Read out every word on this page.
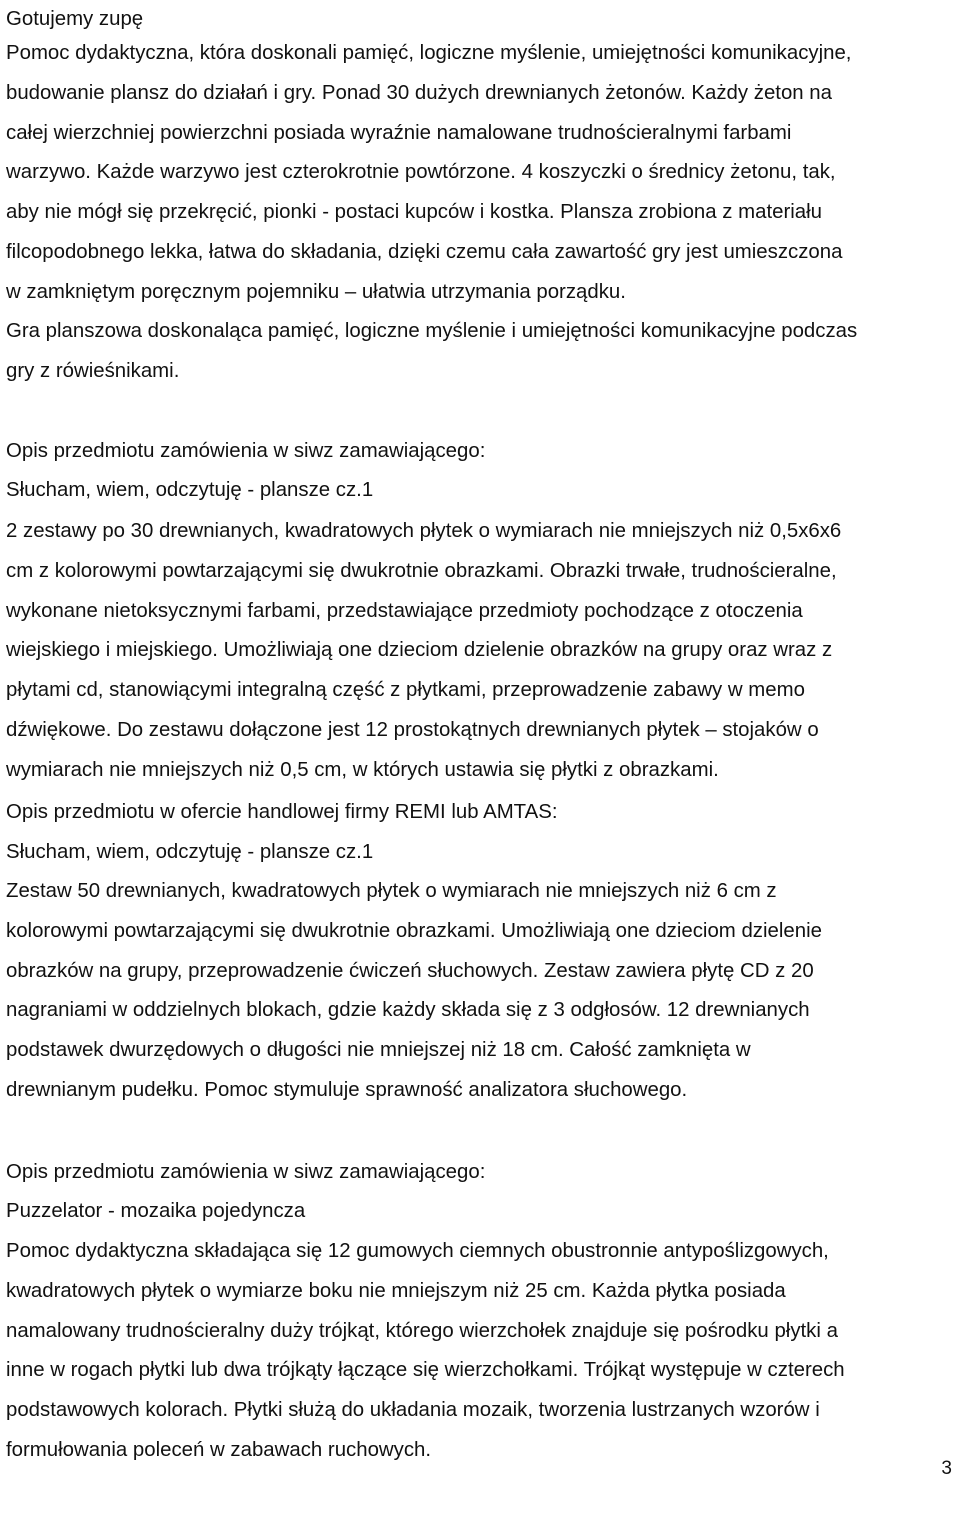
Gotujemy zupę
Pomoc dydaktyczna, która doskonali pamięć, logiczne myślenie, umiejętności komunikacyjne,
budowanie plansz do działań i gry. Ponad 30 dużych drewnianych żetonów. Każdy żeton na
całej wierzchniej powierzchni posiada wyraźnie namalowane trudnościeralnymi farbami
warzywo. Każde warzywo jest czterokrotnie powtórzone. 4 koszyczki o średnicy żetonu, tak,
aby nie mógł się przekręcić, pionki - postaci kupców i kostka. Plansza zrobiona z materiału
filcopodobnego lekka, łatwa do składania, dzięki czemu cała zawartość gry jest umieszczona
w zamkniętym poręcznym pojemniku – ułatwia utrzymania porządku.
Gra planszowa doskonaląca pamięć, logiczne myślenie i umiejętności komunikacyjne podczas
gry z rówieśnikami.
Opis przedmiotu zamówienia w siwz zamawiającego:
Słucham, wiem, odczytuję - plansze cz.1
2 zestawy po 30 drewnianych, kwadratowych płytek o wymiarach nie mniejszych niż 0,5x6x6
cm z kolorowymi powtarzającymi się dwukrotnie obrazkami. Obrazki trwałe, trudnościeralne,
wykonane nietoksycznymi farbami, przedstawiające przedmioty pochodzące z otoczenia
wiejskiego i miejskiego. Umożliwiają one dzieciom dzielenie obrazków na grupy oraz wraz z
płytami cd, stanowiącymi integralną część z płytkami, przeprowadzenie zabawy w memo
dźwiękowe. Do zestawu dołączone jest 12 prostokątnych drewnianych płytek – stojaków o
wymiarach nie mniejszych niż 0,5 cm, w których ustawia się płytki z obrazkami.
Opis przedmiotu w ofercie handlowej firmy REMI lub AMTAS:
Słucham, wiem, odczytuję - plansze cz.1
Zestaw 50 drewnianych, kwadratowych płytek o wymiarach nie mniejszych niż 6 cm z
kolorowymi powtarzającymi się dwukrotnie obrazkami. Umożliwiają one dzieciom dzielenie
obrazków na grupy, przeprowadzenie ćwiczeń słuchowych. Zestaw zawiera płytę CD z 20
nagraniami w oddzielnych blokach, gdzie każdy składa się z 3 odgłosów. 12 drewnianych
podstawek dwurzędowych o długości nie mniejszej niż 18 cm. Całość zamknięta w
drewnianym pudełku. Pomoc stymuluje sprawność analizatora słuchowego.
Opis przedmiotu zamówienia w siwz zamawiającego:
Puzzelator - mozaika pojedyncza
Pomoc dydaktyczna składająca się 12 gumowych ciemnych obustronnie antypoślizgowych,
kwadratowych płytek o wymiarze boku nie mniejszym niż 25 cm. Każda płytka posiada
namalowany trudnościeralny duży trójkąt, którego wierzchołek znajduje się pośrodku płytki a
inne w rogach płytki lub dwa trójkąty łączące się wierzchołkami. Trójkąt występuje w czterech
podstawowych kolorach. Płytki służą do układania mozaik, tworzenia lustrzanych wzorów i
formułowania poleceń w zabawach ruchowych.
3
